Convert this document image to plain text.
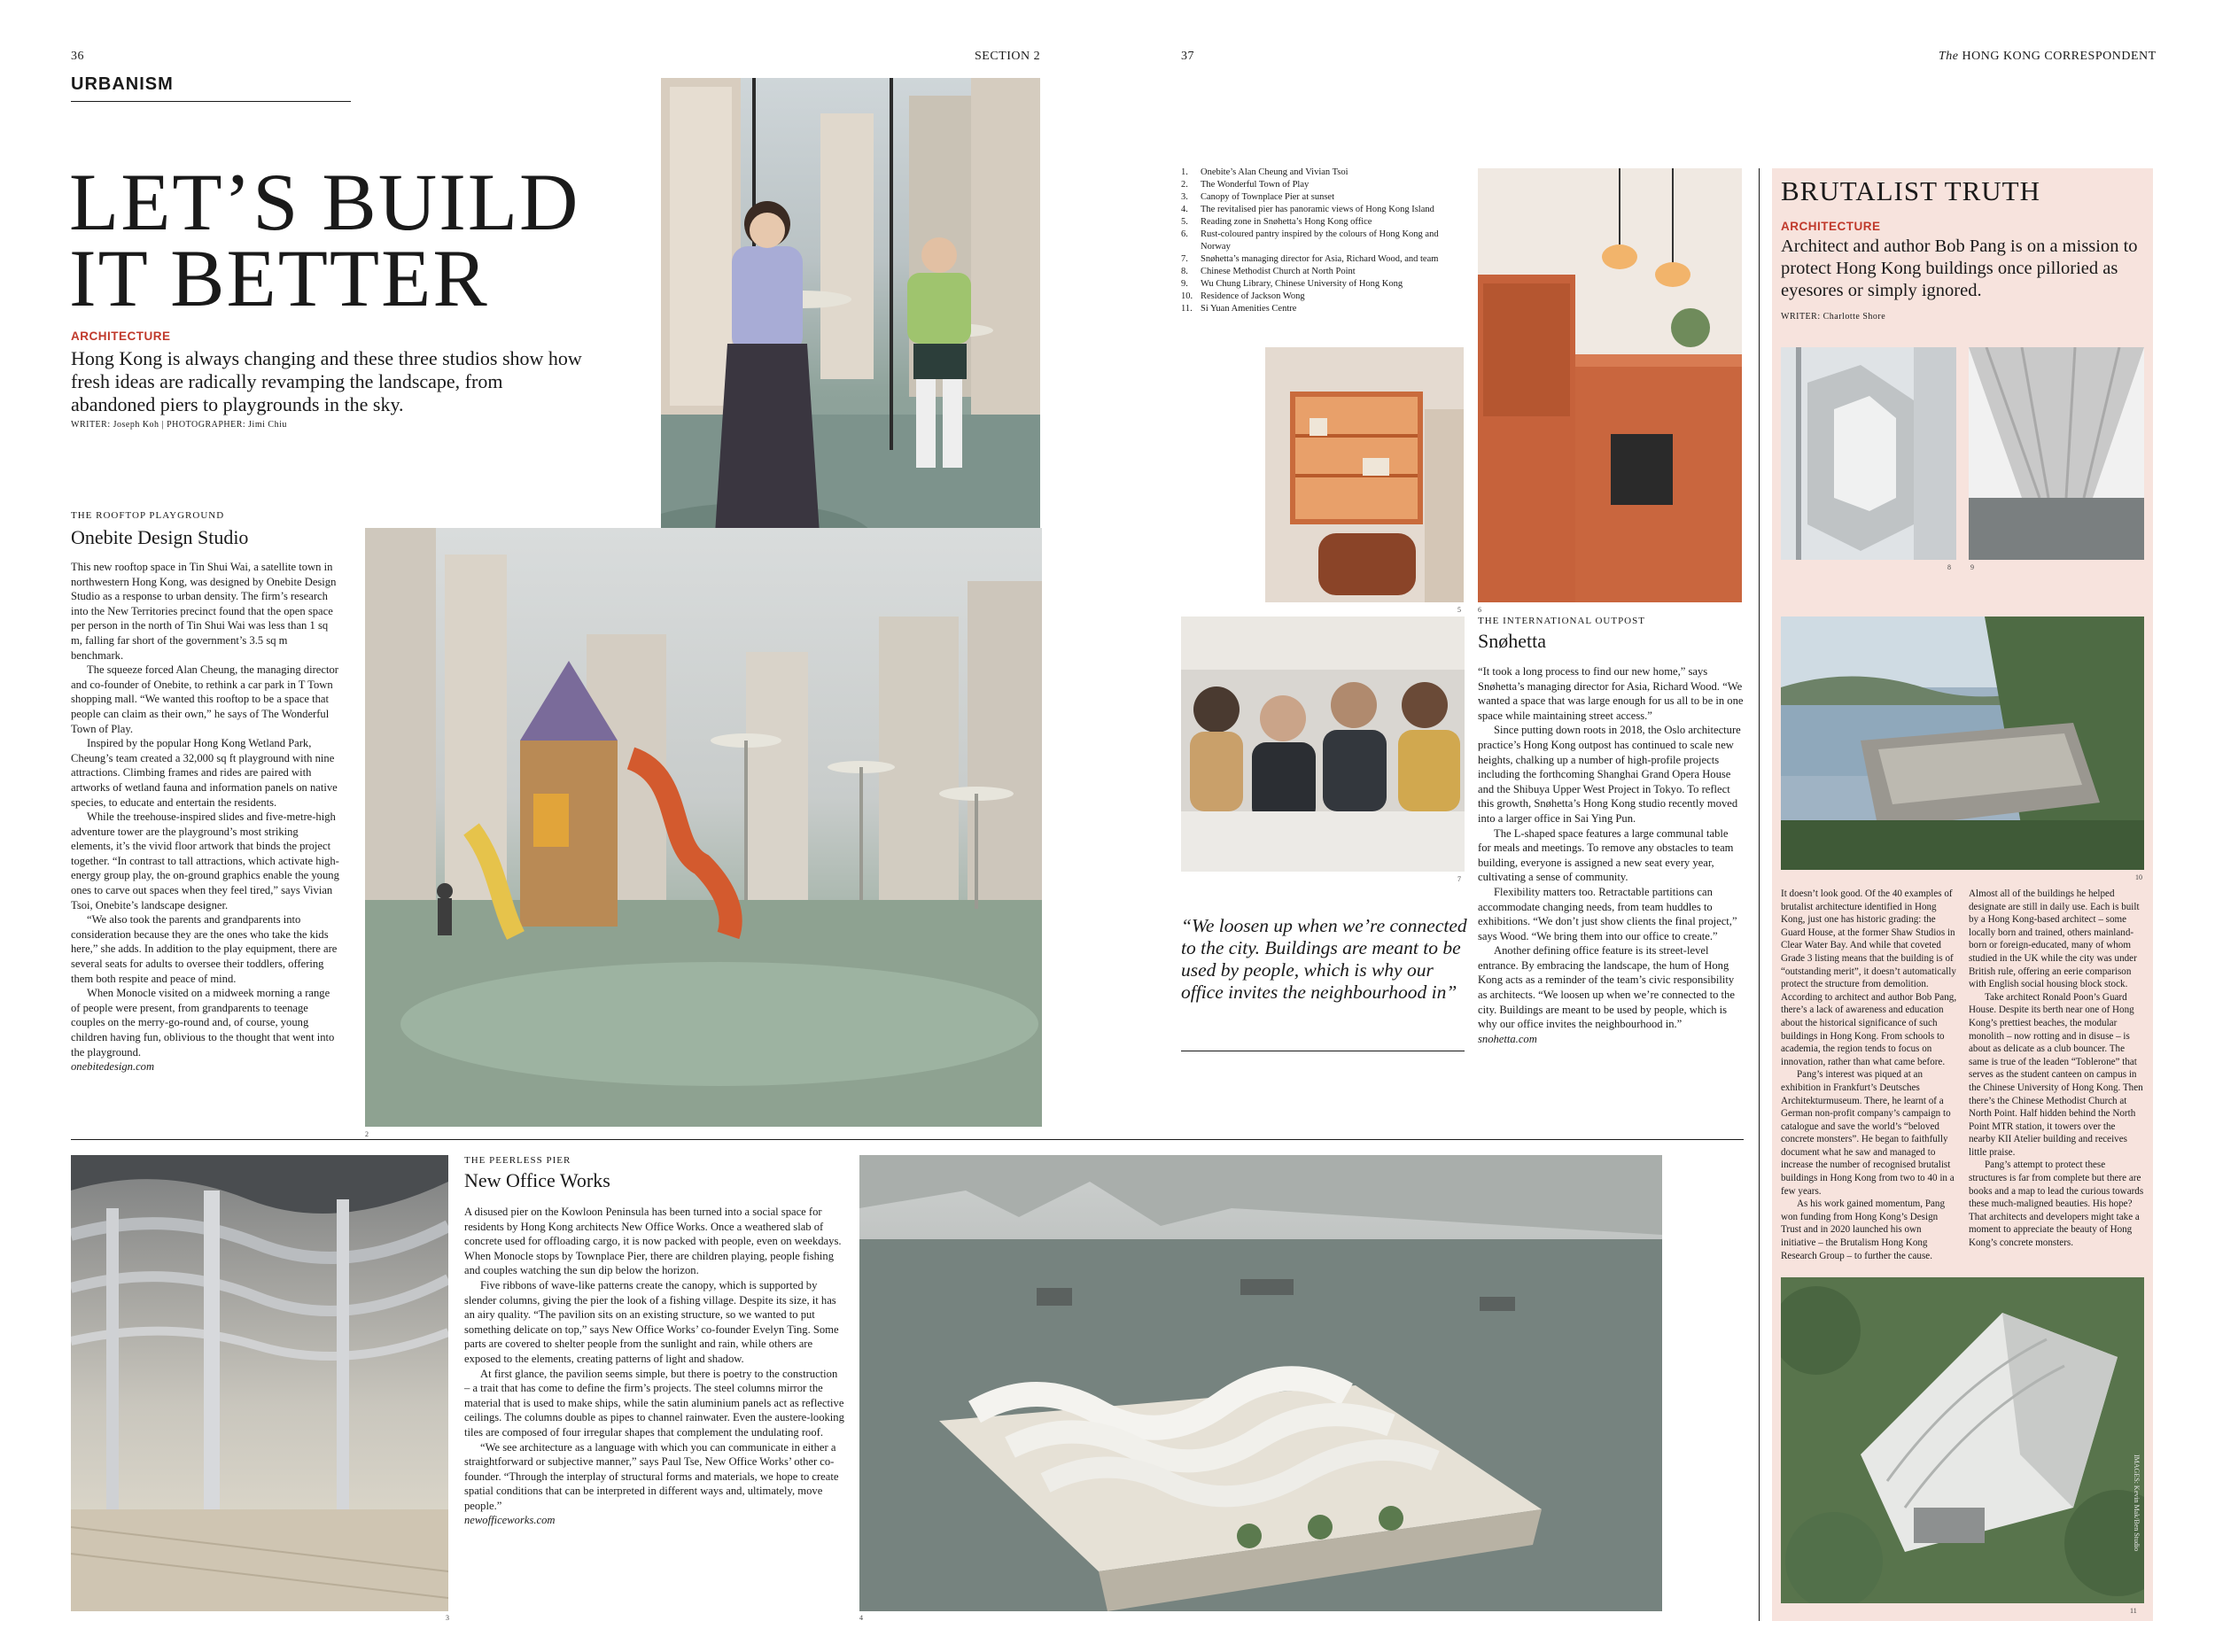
36	SECTION 2	37	The HONG KONG CORRESPONDENT
URBANISM
LET’S BUILD
IT BETTER
ARCHITECTURE
Hong Kong is always changing and these three studios show how fresh ideas are radically revamping the landscape, from abandoned piers to playgrounds in the sky.
WRITER: Joseph Koh | PHOTOGRAPHER: Jimi Chiu
THE ROOFTOP PLAYGROUND
Onebite Design Studio

This new rooftop space in Tin Shui Wai, a satellite town in northwestern Hong Kong, was designed by Onebite Design Studio as a response to urban density. The firm’s research into the New Territories precinct found that the open space per person in the north of Tin Shui Wai was less than 1 sq m, falling far short of the government’s 3.5 sq m benchmark.

The squeeze forced Alan Cheung, the managing director and co-founder of Onebite, to rethink a car park in T Town shopping mall. “We wanted this rooftop to be a space that people can claim as their own,” he says of The Wonderful Town of Play.

Inspired by the popular Hong Kong Wetland Park, Cheung’s team created a 32,000 sq ft playground with nine attractions. Climbing frames and rides are paired with artworks of wetland fauna and information panels on native species, to educate and entertain the residents.

While the treehouse-inspired slides and five-metre-high adventure tower are the playground’s most striking elements, it’s the vivid floor artwork that binds the project together. “In contrast to tall attractions, which activate high-energy group play, the on-ground graphics enable the young ones to carve out spaces when they feel tired,” says Vivian Tsoi, Onebite’s landscape designer.

“We also took the parents and grandparents into consideration because they are the ones who take the kids here,” she adds. In addition to the play equipment, there are several seats for adults to oversee their toddlers, offering them both respite and peace of mind.

When Monocle visited on a midweek morning a range of people were present, from grandparents to teenage couples on the merry-go-round and, of course, young children having fun, oblivious to the thought that went into the playground.

onebitedesign.com
2
3
THE PEERLESS PIER
New Office Works

A disused pier on the Kowloon Peninsula has been turned into a social space for residents by Hong Kong architects New Office Works. Once a weathered slab of concrete used for offloading cargo, it is now packed with people, even on weekdays. When Monocle stops by Townplace Pier, there are children playing, people fishing and couples watching the sun dip below the horizon.

Five ribbons of wave-like patterns create the canopy, which is supported by slender columns, giving the pier the look of a fishing village. Despite its size, it has an airy quality. “The pavilion sits on an existing structure, so we wanted to put something delicate on top,” says New Office Works’ co-founder Evelyn Ting. Some parts are covered to shelter people from the sunlight and rain, while others are exposed to the elements, creating patterns of light and shadow.

At first glance, the pavilion seems simple, but there is poetry to the construction – a trait that has come to define the firm’s projects. The steel columns mirror the material that is used to make ships, while the satin aluminium panels act as reflective ceilings. The columns double as pipes to channel rainwater. Even the austere-looking tiles are composed of four irregular shapes that complement the undulating roof.

“We see architecture as a language with which you can communicate in either a straightforward or subjective manner,” says Paul Tse, New Office Works’ other co-founder. “Through the interplay of structural forms and materials, we hope to create spatial conditions that can be interpreted in different ways and, ultimately, move people.”

newofficeworks.com
4
1.	Onebite’s Alan Cheung and Vivian Tsoi
2.	The Wonderful Town of Play
3.	Canopy of Townplace Pier at sunset
4.	The revitalised pier has panoramic views of Hong Kong Island
5.	Reading zone in Snøhetta’s Hong Kong office
6.	Rust-coloured pantry inspired by the colours of Hong Kong and Norway
7.	Snøhetta’s managing director for Asia, Richard Wood, and team
8.	Chinese Methodist Church at North Point
9.	Wu Chung Library, Chinese University of Hong Kong
10. Residence of Jackson Wong
11. Si Yuan Amenities Centre
5 6
7
“We loosen up when we’re connected to the city. Buildings are meant to be used by people, which is why our office invites the neighbourhood in”
THE INTERNATIONAL OUTPOST
Snøhetta

“It took a long process to find our new home,” says Snøhetta’s managing director for Asia, Richard Wood. “We wanted a space that was large enough for us all to be in one space while maintaining street access.”

Since putting down roots in 2018, the Oslo architecture practice’s Hong Kong outpost has continued to scale new heights, chalking up a number of high-profile projects including the forthcoming Shanghai Grand Opera House and the Shibuya Upper West Project in Tokyo. To reflect this growth, Snøhetta’s Hong Kong studio recently moved into a larger office in Sai Ying Pun.

The L-shaped space features a large communal table for meals and meetings. To remove any obstacles to team building, everyone is assigned a new seat every year, cultivating a sense of community.

Flexibility matters too. Retractable partitions can accommodate changing needs, from team huddles to exhibitions. “We don’t just show clients the final project,” says Wood. “We bring them into our office to create.”

Another defining office feature is its street-level entrance. By embracing the landscape, the hum of Hong Kong acts as a reminder of the team’s civic responsibility as architects. “We loosen up when we’re connected to the city. Buildings are meant to be used by people, which is why our office invites the neighbourhood in.”

snohetta.com
BRUTALIST TRUTH
ARCHITECTURE
Architect and author Bob Pang is on a mission to protect Hong Kong buildings once pilloried as eyesores or simply ignored.
WRITER: Charlotte Shore
8	9
10

It doesn’t look good. Of the 40 examples of brutalist architecture identified in Hong Kong, just one has historic grading: the Guard House, at the former Shaw Studios in Clear Water Bay. And while that coveted Grade 3 listing means that the building is of “outstanding merit”, it doesn’t automatically protect the structure from demolition. According to architect and author Bob Pang, there’s a lack of awareness and education about the historical significance of such buildings in Hong Kong. From schools to academia, the region tends to focus on innovation, rather than what came before.

Pang’s interest was piqued at an exhibition in Frankfurt’s Deutsches Architekturmuseum. There, he learnt of a German non-profit company’s campaign to catalogue and save the world’s “beloved concrete monsters”. He began to faithfully document what he saw and managed to increase the number of recognised brutalist buildings in Hong Kong from two to 40 in a few years.

As his work gained momentum, Pang won funding from Hong Kong’s Design Trust and in 2020 launched his own initiative – the Brutalism Hong Kong Research Group – to further the cause.

Almost all of the buildings he helped designate are still in daily use. Each is built by a Hong Kong-based architect – some locally born and trained, others mainland-born or foreign-educated, many of whom studied in the UK while the city was under British rule, offering an eerie comparison with English social housing block stock.

Take architect Ronald Poon’s Guard House. Despite its berth near one of Hong Kong’s prettiest beaches, the modular monolith – now rotting and in disuse – is about as delicate as a club bouncer. The same is true of the leaden “Toblerone” that serves as the student canteen on campus in the Chinese University of Hong Kong. Then there’s the Chinese Methodist Church at North Point. Half hidden behind the North Point MTR station, it towers over the nearby KII Atelier building and receives little praise.

Pang’s attempt to protect these structures is far from complete but there are books and a map to lead the curious towards these much-maligned beauties. His hope? That architects and developers might take a moment to appreciate the beauty of Hong Kong’s concrete monsters.

IMAGES: Kevin Mak/Ben Studio
11
